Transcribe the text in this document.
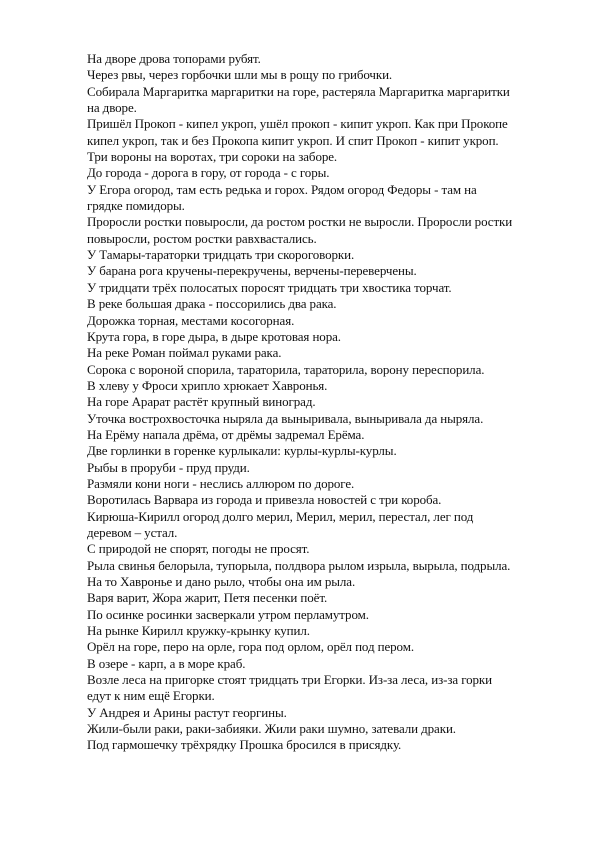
На дворе дрова топорами рубят.
Через рвы, через горбочки шли мы в рощу по грибочки.
Собирала Маргаритка маргаритки на горе, растеряла Маргаритка маргаритки
на дворе.
Пришёл Прокоп - кипел укроп, ушёл прокоп - кипит укроп. Как при Прокопе
кипел укроп, так и без Прокопа кипит укроп. И спит Прокоп - кипит укроп.
Три вороны на воротах, три сороки на заборе.
До города - дорога в гору, от города - с горы.
У Егора огород, там есть редька и горох. Рядом огород Федоры - там на
грядке помидоры.
Проросли ростки повыросли, да ростом ростки не выросли. Проросли ростки
повыросли, ростом ростки равхвастались.
У Тамары-тараторки тридцать три скороговорки.
У барана рога кручены-перекручены, верчены-переверчены.
У тридцати трёх полосатых поросят тридцать три хвостика торчат.
В реке большая драка - поссорились два рака.
Дорожка торная, местами косогорная.
Крута гора, в горе дыра, в дыре кротовая нора.
На реке Роман поймал руками рака.
Сорока с вороной спорила, тараторила, тараторила, ворону переспорила.
В хлеву у Фроси хрипло хрюкает Хавронья.
На горе Арарат растёт крупный виноград.
Уточка вострохвосточка ныряла да выныривала, выныривала да ныряла.
На Ерёму напала дрёма, от дрёмы задремал Ерёма.
Две горлинки в горенке курлыкали: курлы-курлы-курлы.
Рыбы в проруби - пруд пруди.
Размяли кони ноги - неслись аллюром по дороге.
Воротилась Варвара из города и привезла новостей с три короба.
Кирюша-Кирилл огород долго мерил, Мерил, мерил, перестал, лег под
деревом – устал.
С природой не спорят, погоды не просят.
Рыла свинья белорыла, тупорыла, полдвора рылом изрыла, вырыла, подрыла.
На то Хавронье и дано рыло, чтобы она им рыла.
Варя варит, Жора жарит, Петя песенки поёт.
По осинке росинки засверкали утром перламутром.
На рынке Кирилл кружку-крынку купил.
Орёл на горе, перо на орле, гора под орлом, орёл под пером.
В озере - карп, а в море краб.
Возле леса на пригорке стоят тридцать три Егорки. Из-за леса, из-за горки
едут к ним ещё Егорки.
У Андрея и Арины растут георгины.
Жили-были раки, раки-забияки. Жили раки шумно, затевали драки.
Под гармошечку трёхрядку Прошка бросился в присядку.
